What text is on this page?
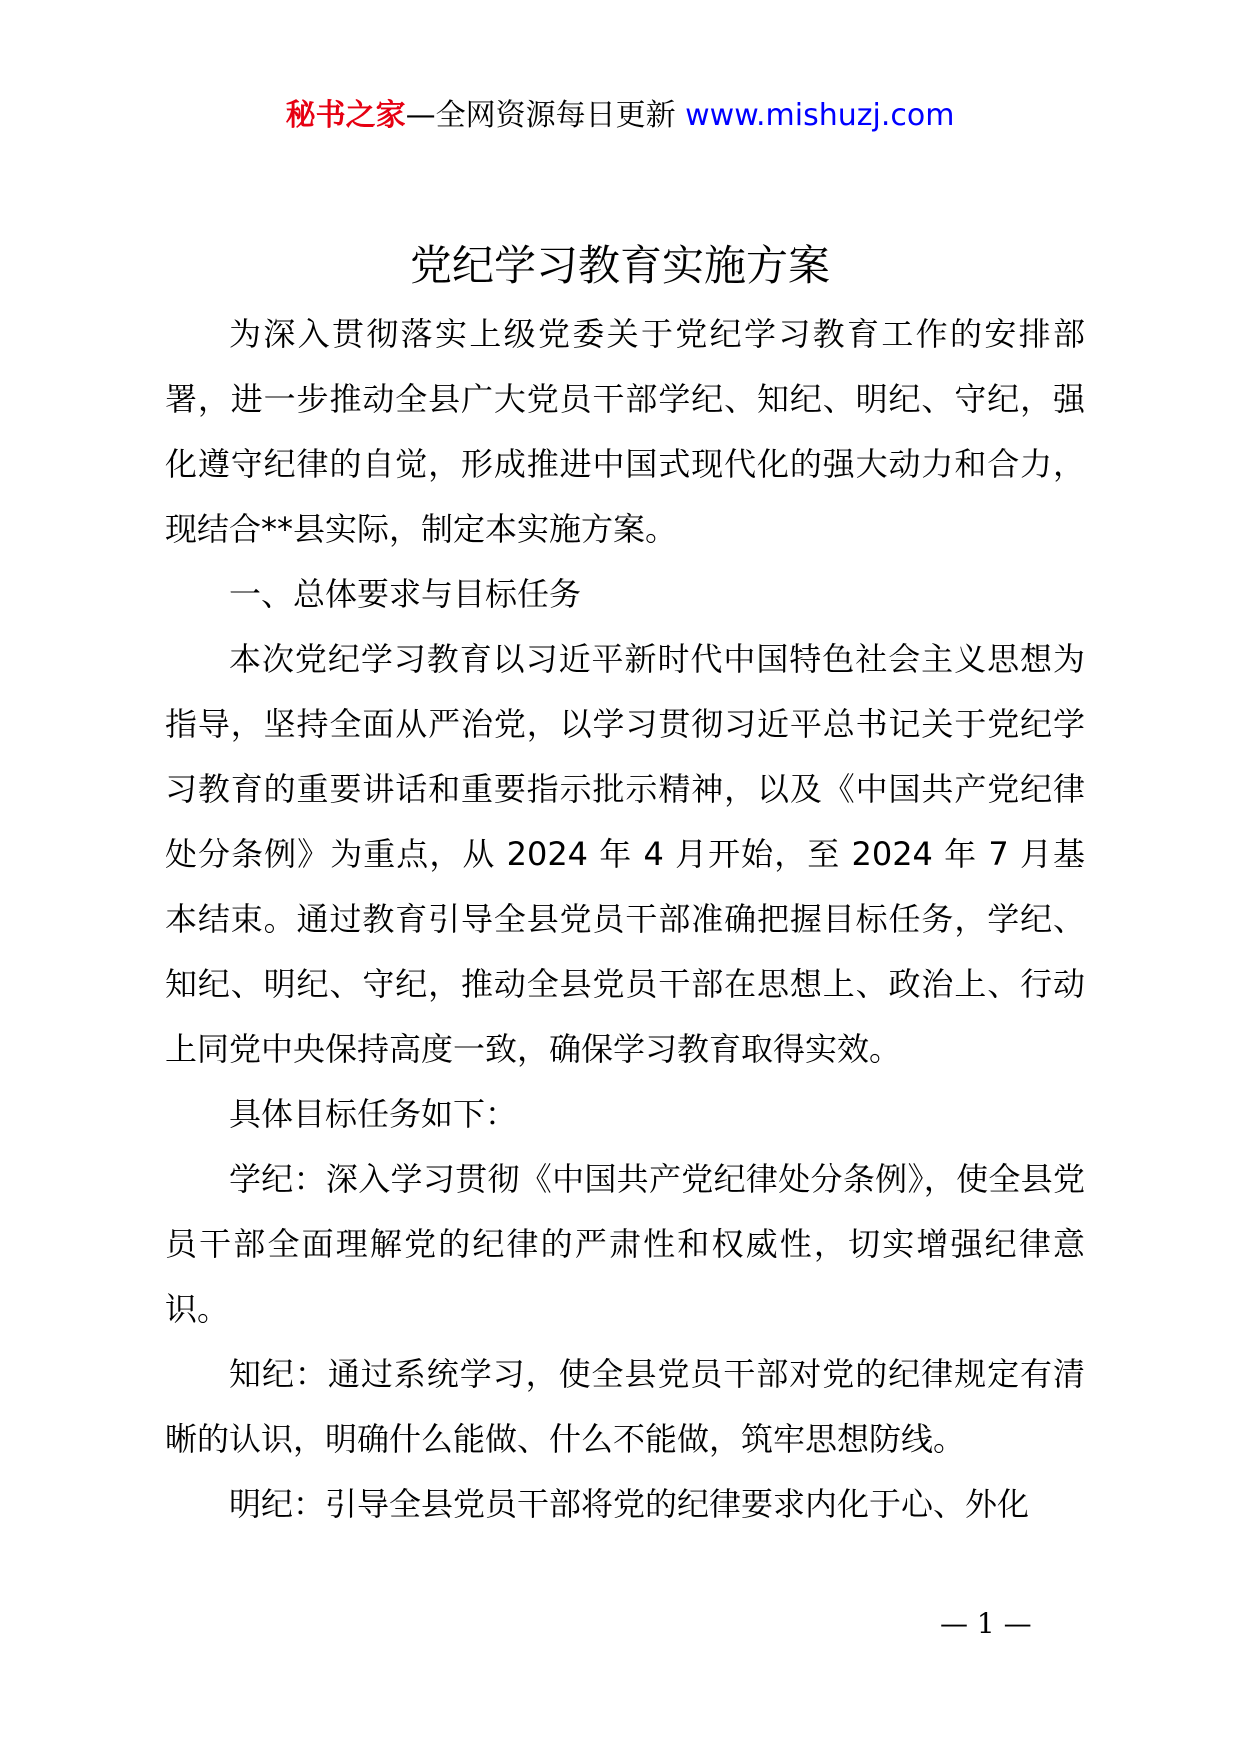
秘书之家—全网资源每日更新 www.mishuzj.com
党纪学习教育实施方案

为深入贯彻落实上级党委关于党纪学习教育工作的安排部署，进一步推动全县广大党员干部学纪、知纪、明纪、守纪，强化遵守纪律的自觉，形成推进中国式现代化的强大动力和合力，现结合**县实际，制定本实施方案。

一、总体要求与目标任务

本次党纪学习教育以习近平新时代中国特色社会主义思想为指导，坚持全面从严治党，以学习贯彻习近平总书记关于党纪学习教育的重要讲话和重要指示批示精神，以及《中国共产党纪律处分条例》为重点，从 2024 年 4 月开始，至 2024 年 7 月基本结束。通过教育引导全县党员干部准确把握目标任务，学纪、知纪、明纪、守纪，推动全县党员干部在思想上、政治上、行动上同党中央保持高度一致，确保学习教育取得实效。

具体目标任务如下：

学纪：深入学习贯彻《中国共产党纪律处分条例》，使全县党员干部全面理解党的纪律的严肃性和权威性，切实增强纪律意识。

知纪：通过系统学习，使全县党员干部对党的纪律规定有清晰的认识，明确什么能做、什么不能做，筑牢思想防线。

明纪：引导全县党员干部将党的纪律要求内化于心、外化

— 1 —
